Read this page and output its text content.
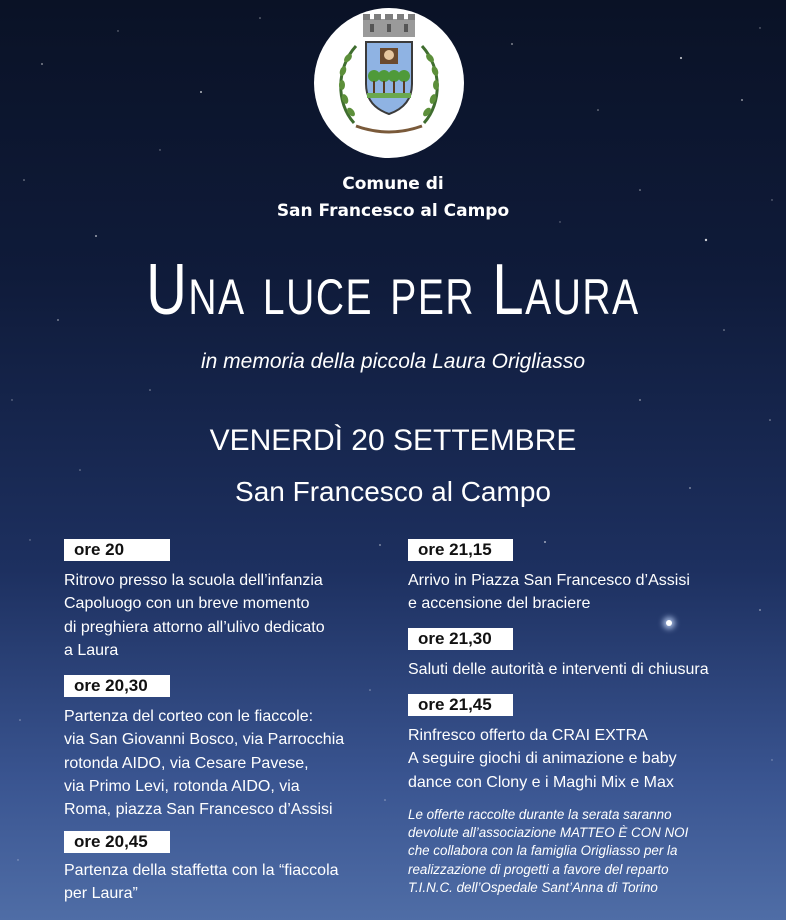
Comune di
San Francesco al Campo
Una luce per Laura
in memoria della piccola Laura Origliasso
VENERDÌ 20 SETTEMBRE
San Francesco al Campo
ore 20
Ritrovo presso la scuola dell’infanzia
Capoluogo con un breve momento
di preghiera attorno all’ulivo dedicato
a Laura
ore 20,30
Partenza del corteo con le fiaccole:
via San Giovanni Bosco, via Parrocchia
rotonda AIDO, via Cesare Pavese,
via Primo Levi, rotonda AIDO, via
Roma, piazza San Francesco d’Assisi
ore 20,45
Partenza della staffetta con la “fiaccola
per Laura”
ore 21,15
Arrivo in Piazza San Francesco d’Assisi
e accensione del braciere
ore 21,30
Saluti delle autorità e interventi di chiusura
ore 21,45
Rinfresco offerto da CRAI EXTRA
A seguire giochi di animazione e baby
dance con Clony e i Maghi Mix e Max
Le offerte raccolte durante la serata saranno
devolute all’associazione MATTEO È CON NOI
che collabora con la famiglia Origliasso per la
realizzazione di progetti a favore del reparto
T.I.N.C. dell’Ospedale Sant’Anna di Torino
